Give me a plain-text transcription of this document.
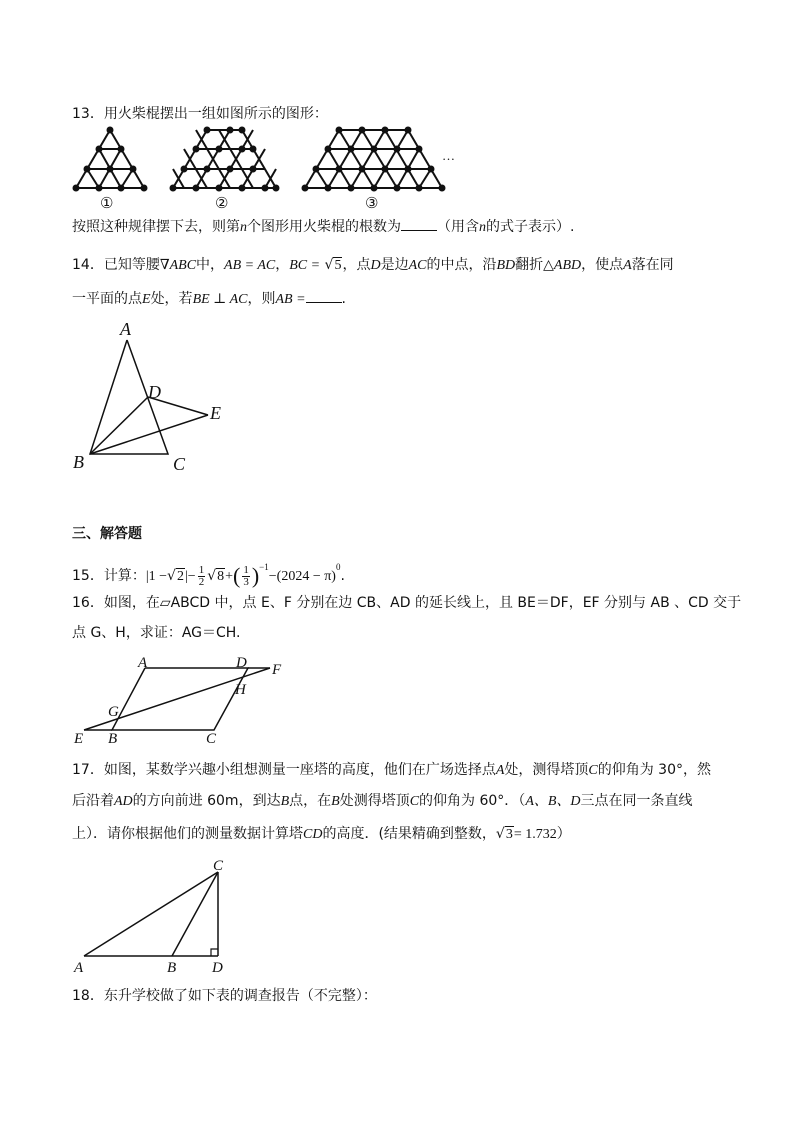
13．用火柴棍摆出一组如图所示的图形：
…
①	②	③
按照这种规律摆下去，则第n个图形用火柴棍的根数为	（用含n的式子表示）.
14．已知等腰∇ABC中，AB = AC，BC = √5，点D是边AC的中点，沿BD翻折△ABD，使点A落在同
一平面的点E处，若BE ⊥ AC，则AB =	.
A
D
E
B	C
三、解答题
15．计算：$|1 -√2|- \frac{1}{2} √8+( \frac{1}{3} )^{-1}-(2024 - \pi)^0$.
16．如图，在▱ABCD 中，点 E、F 分别在边 CB、AD 的延长线上，且 BE＝DF，EF 分别与 AB 、CD 交于
点 G、H，求证：AG＝CH.
A	D F
H
G
E B	C
17．如图，某数学兴趣小组想测量一座塔的高度，他们在广场选择点A处，测得塔顶C的仰角为 30°，然
后沿着AD的方向前进 60m，到达B点，在B处测得塔顶C的仰角为 60°．（A、B、D三点在同一条直线
上）．请你根据他们的测量数据计算塔CD的高度．(结果精确到整数，√3= 1.732）
C
A	B D
18．东升学校做了如下表的调查报告（不完整）：
